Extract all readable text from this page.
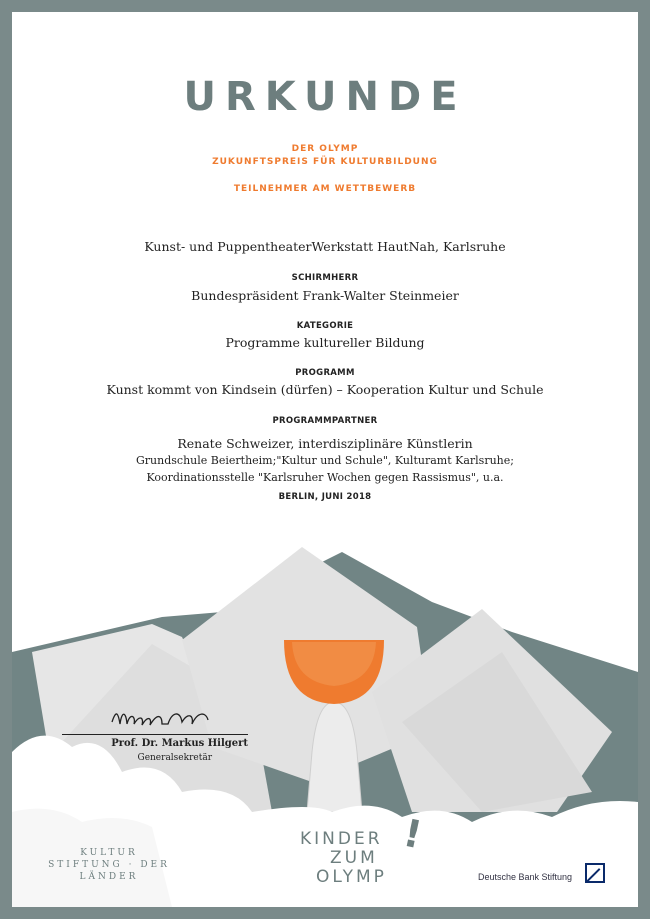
URKUNDE
DER OLYMP
ZUKUNFTSPREIS FÜR KULTURBILDUNG
TEILNEHMER AM WETTBEWERB
Kunst- und PuppentheaterWerkstatt HautNah, Karlsruhe
SCHIRMHERR
Bundespräsident Frank-Walter Steinmeier
KATEGORIE
Programme kultureller Bildung
PROGRAMM
Kunst kommt von Kindsein (dürfen) – Kooperation Kultur und Schule
PROGRAMMPARTNER
Renate Schweizer, interdisziplinäre Künstlerin
Grundschule Beiertheim;"Kultur und Schule", Kulturamt Karlsruhe;
Koordinationsstelle "Karlsruher Wochen gegen Rassismus", u.a.
BERLIN, JUNI 2018
Prof. Dr. Markus Hilgert
Generalsekretär
KULTUR
STIFTUNG · DER
LÄNDER
KINDER
ZUM
OLYMP
!
Deutsche Bank Stiftung
